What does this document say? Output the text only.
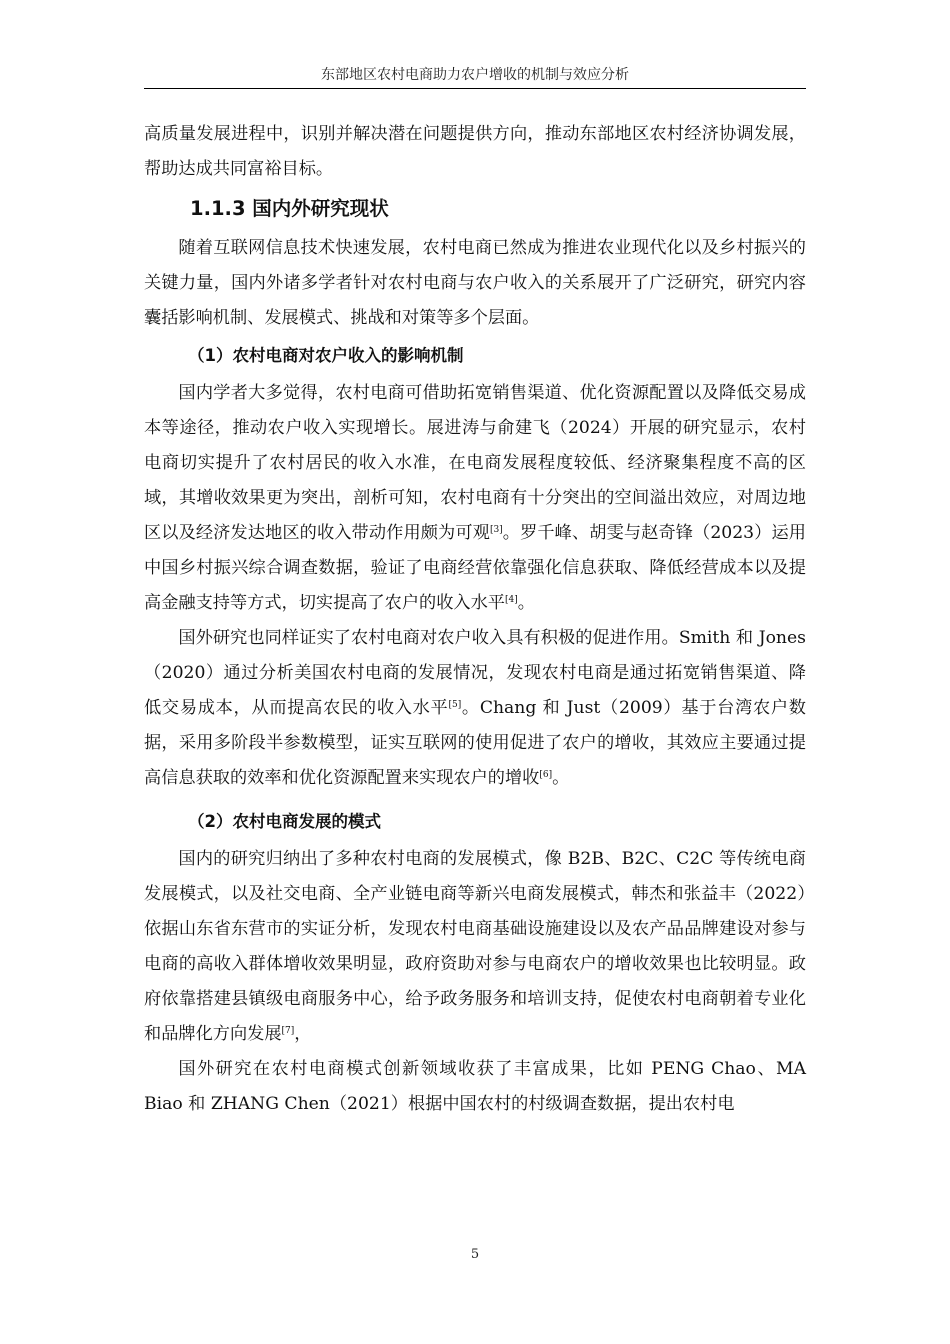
东部地区农村电商助力农户增收的机制与效应分析

高质量发展进程中，识别并解决潜在问题提供方向，推动东部地区农村经济协调发展，帮助达成共同富裕目标。

1.1.3 国内外研究现状

随着互联网信息技术快速发展，农村电商已然成为推进农业现代化以及乡村振兴的关键力量，国内外诸多学者针对农村电商与农户收入的关系展开了广泛研究，研究内容囊括影响机制、发展模式、挑战和对策等多个层面。

（1）农村电商对农户收入的影响机制

国内学者大多觉得，农村电商可借助拓宽销售渠道、优化资源配置以及降低交易成本等途径，推动农户收入实现增长。展进涛与俞建飞（2024）开展的研究显示，农村电商切实提升了农村居民的收入水准，在电商发展程度较低、经济聚集程度不高的区域，其增收效果更为突出，剖析可知，农村电商有十分突出的空间溢出效应，对周边地区以及经济发达地区的收入带动作用颇为可观[3]。罗千峰、胡雯与赵奇锋（2023）运用中国乡村振兴综合调查数据，验证了电商经营依靠强化信息获取、降低经营成本以及提高金融支持等方式，切实提高了农户的收入水平[4]。

国外研究也同样证实了农村电商对农户收入具有积极的促进作用。Smith 和 Jones（2020）通过分析美国农村电商的发展情况，发现农村电商是通过拓宽销售渠道、降低交易成本，从而提高农民的收入水平[5]。Chang 和 Just（2009）基于台湾农户数据，采用多阶段半参数模型，证实互联网的使用促进了农户的增收，其效应主要通过提高信息获取的效率和优化资源配置来实现农户的增收[6]。

（2）农村电商发展的模式

国内的研究归纳出了多种农村电商的发展模式，像 B2B、B2C、C2C 等传统电商发展模式，以及社交电商、全产业链电商等新兴电商发展模式，韩杰和张益丰（2022）依据山东省东营市的实证分析，发现农村电商基础设施建设以及农产品品牌建设对参与电商的高收入群体增收效果明显，政府资助对参与电商农户的增收效果也比较明显。政府依靠搭建县镇级电商服务中心，给予政务服务和培训支持，促使农村电商朝着专业化和品牌化方向发展[7]，

国外研究在农村电商模式创新领域收获了丰富成果，比如 PENG Chao、MA Biao 和 ZHANG Chen（2021）根据中国农村的村级调查数据，提出农村电

5
